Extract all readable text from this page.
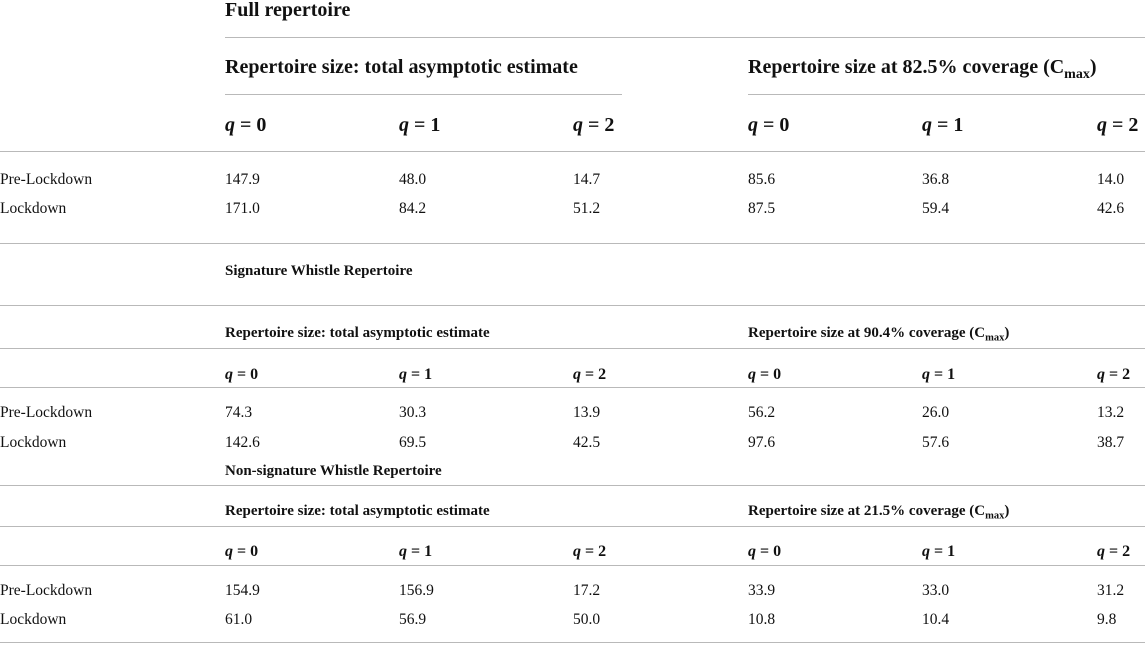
Full repertoire
Repertoire size: total asymptotic estimate	Repertoire size at 82.5% coverage $(C_{max})$
q = 0	q = 1	q = 2	q = 0	q = 1	q = 2
Pre-Lockdown	147.9	48.0	14.7	85.6	36.8	14.0
Lockdown	171.0	84.2	51.2	87.5	59.4	42.6
Signature Whistle Repertoire
Repertoire size: total asymptotic estimate	Repertoire size at 90.4% coverage $(C_{max})$
q = 0	q = 1	q = 2	q = 0	q = 1	q = 2
Pre-Lockdown	74.3	30.3	13.9	56.2	26.0	13.2
Lockdown	142.6	69.5	42.5	97.6	57.6	38.7
Non-signature Whistle Repertoire
Repertoire size: total asymptotic estimate	Repertoire size at 21.5% coverage $(C_{max})$
q = 0	q = 1	q = 2	q = 0	q = 1	q = 2
Pre-Lockdown	154.9	156.9	17.2	33.9	33.0	31.2
Lockdown	61.0	56.9	50.0	10.8	10.4	9.8
